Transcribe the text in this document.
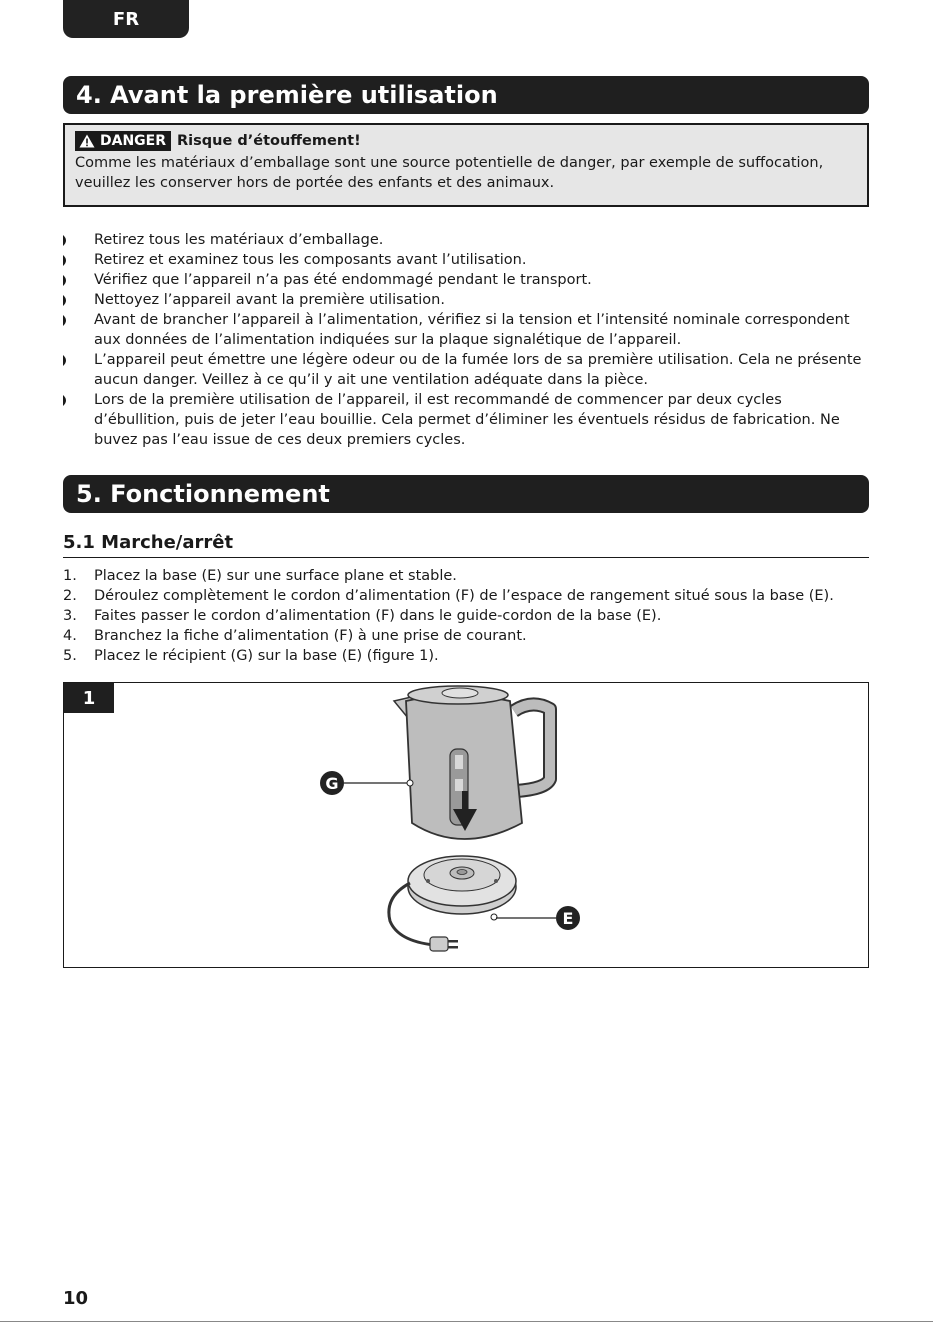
FR
4. Avant la première utilisation
DANGER Risque d’étouffement!
Comme les matériaux d’emballage sont une source potentielle de danger, par exemple de suffocation, veuillez les conserver hors de portée des enfants et des animaux.
Retirez tous les matériaux d’emballage.
Retirez et examinez tous les composants avant l’utilisation.
Vérifiez que l’appareil n’a pas été endommagé pendant le transport.
Nettoyez l’appareil avant la première utilisation.
Avant de brancher l’appareil à l’alimentation, vérifiez si la tension et l’intensité nominale correspondent aux données de l’alimentation indiquées sur la plaque signalétique de l’appareil.
L’appareil peut émettre une légère odeur ou de la fumée lors de sa première utilisation. Cela ne présente aucun danger. Veillez à ce qu’il y ait une ventilation adéquate dans la pièce.
Lors de la première utilisation de l’appareil, il est recommandé de commencer par deux cycles d’ébullition, puis de jeter l’eau bouillie. Cela permet d’éliminer les éventuels résidus de fabrication. Ne buvez pas l’eau issue de ces deux premiers cycles.
5. Fonctionnement
5.1 Marche/arrêt
1. Placez la base (E) sur une surface plane et stable.
2. Déroulez complètement le cordon d’alimentation (F) de l’espace de rangement situé sous la base (E).
3. Faites passer le cordon d’alimentation (F) dans le guide-cordon de la base (E).
4. Branchez la fiche d’alimentation (F) à une prise de courant.
5. Placez le récipient (G) sur la base (E) (figure 1).
G
E
1
10
